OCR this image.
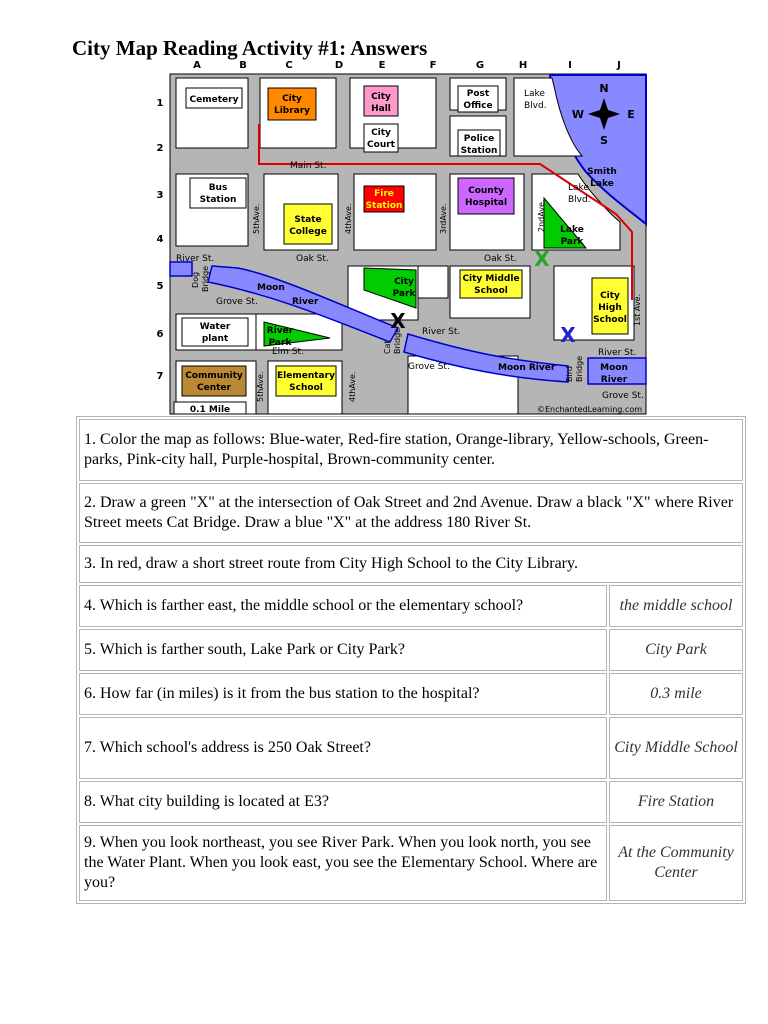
City Map Reading Activity #1: Answers
A	B	C	D	E	F	G	H	I	J
1
2
3
4
5
6
7
N
S
W	E
Cemetery	City
Library
City
Hall
Post
Office
City
Court
Police
Station
Bus
Station
State
College
Fire
Station
County
Hospital
Lake
Park
City
Park
City Middle
School	City
High
School
Water
plant
River
Park
Community
Center
Elementary
School
Main St.
River St.	Oak St.	Oak St.
Grove St.
River St.
Elm St.
Grove St.
River St.
Grove St.
Lake
Blvd.
Lake
Blvd.
Smith
Lake
Moon
River
Moon River	Moon
River
5thAve.	4thAve.	3rdAve.	2ndAve.
1st Ave.
5thAve.	4thAve.
Dog Bridge
Cat Bridge
Bird Bridge
X
X
X
0.1 Mile	©EnchantedLearning.com
1. Color the map as follows: Blue-water, Red-fire station, Orange-library, Yellow-schools, Green-parks, Pink-city hall, Purple-hospital, Brown-community center.	
2. Draw a green "X" at the intersection of Oak Street and 2nd Avenue. Draw a black "X" where River Street meets Cat Bridge. Draw a blue "X" at the address 180 River St.	
3. In red, draw a short street route from City High School to the City Library.	
4. Which is farther east, the middle school or the elementary school?	the middle school
5. Which is farther south, Lake Park or City Park?	City Park
6. How far (in miles) is it from the bus station to the hospital?	0.3 mile
7. Which school's address is 250 Oak Street?	City Middle School
8. What city building is located at E3?	Fire Station
9. When you look northeast, you see River Park. When you look north, you see the Water Plant. When you look east, you see the Elementary School. Where are you?	At the Community Center
